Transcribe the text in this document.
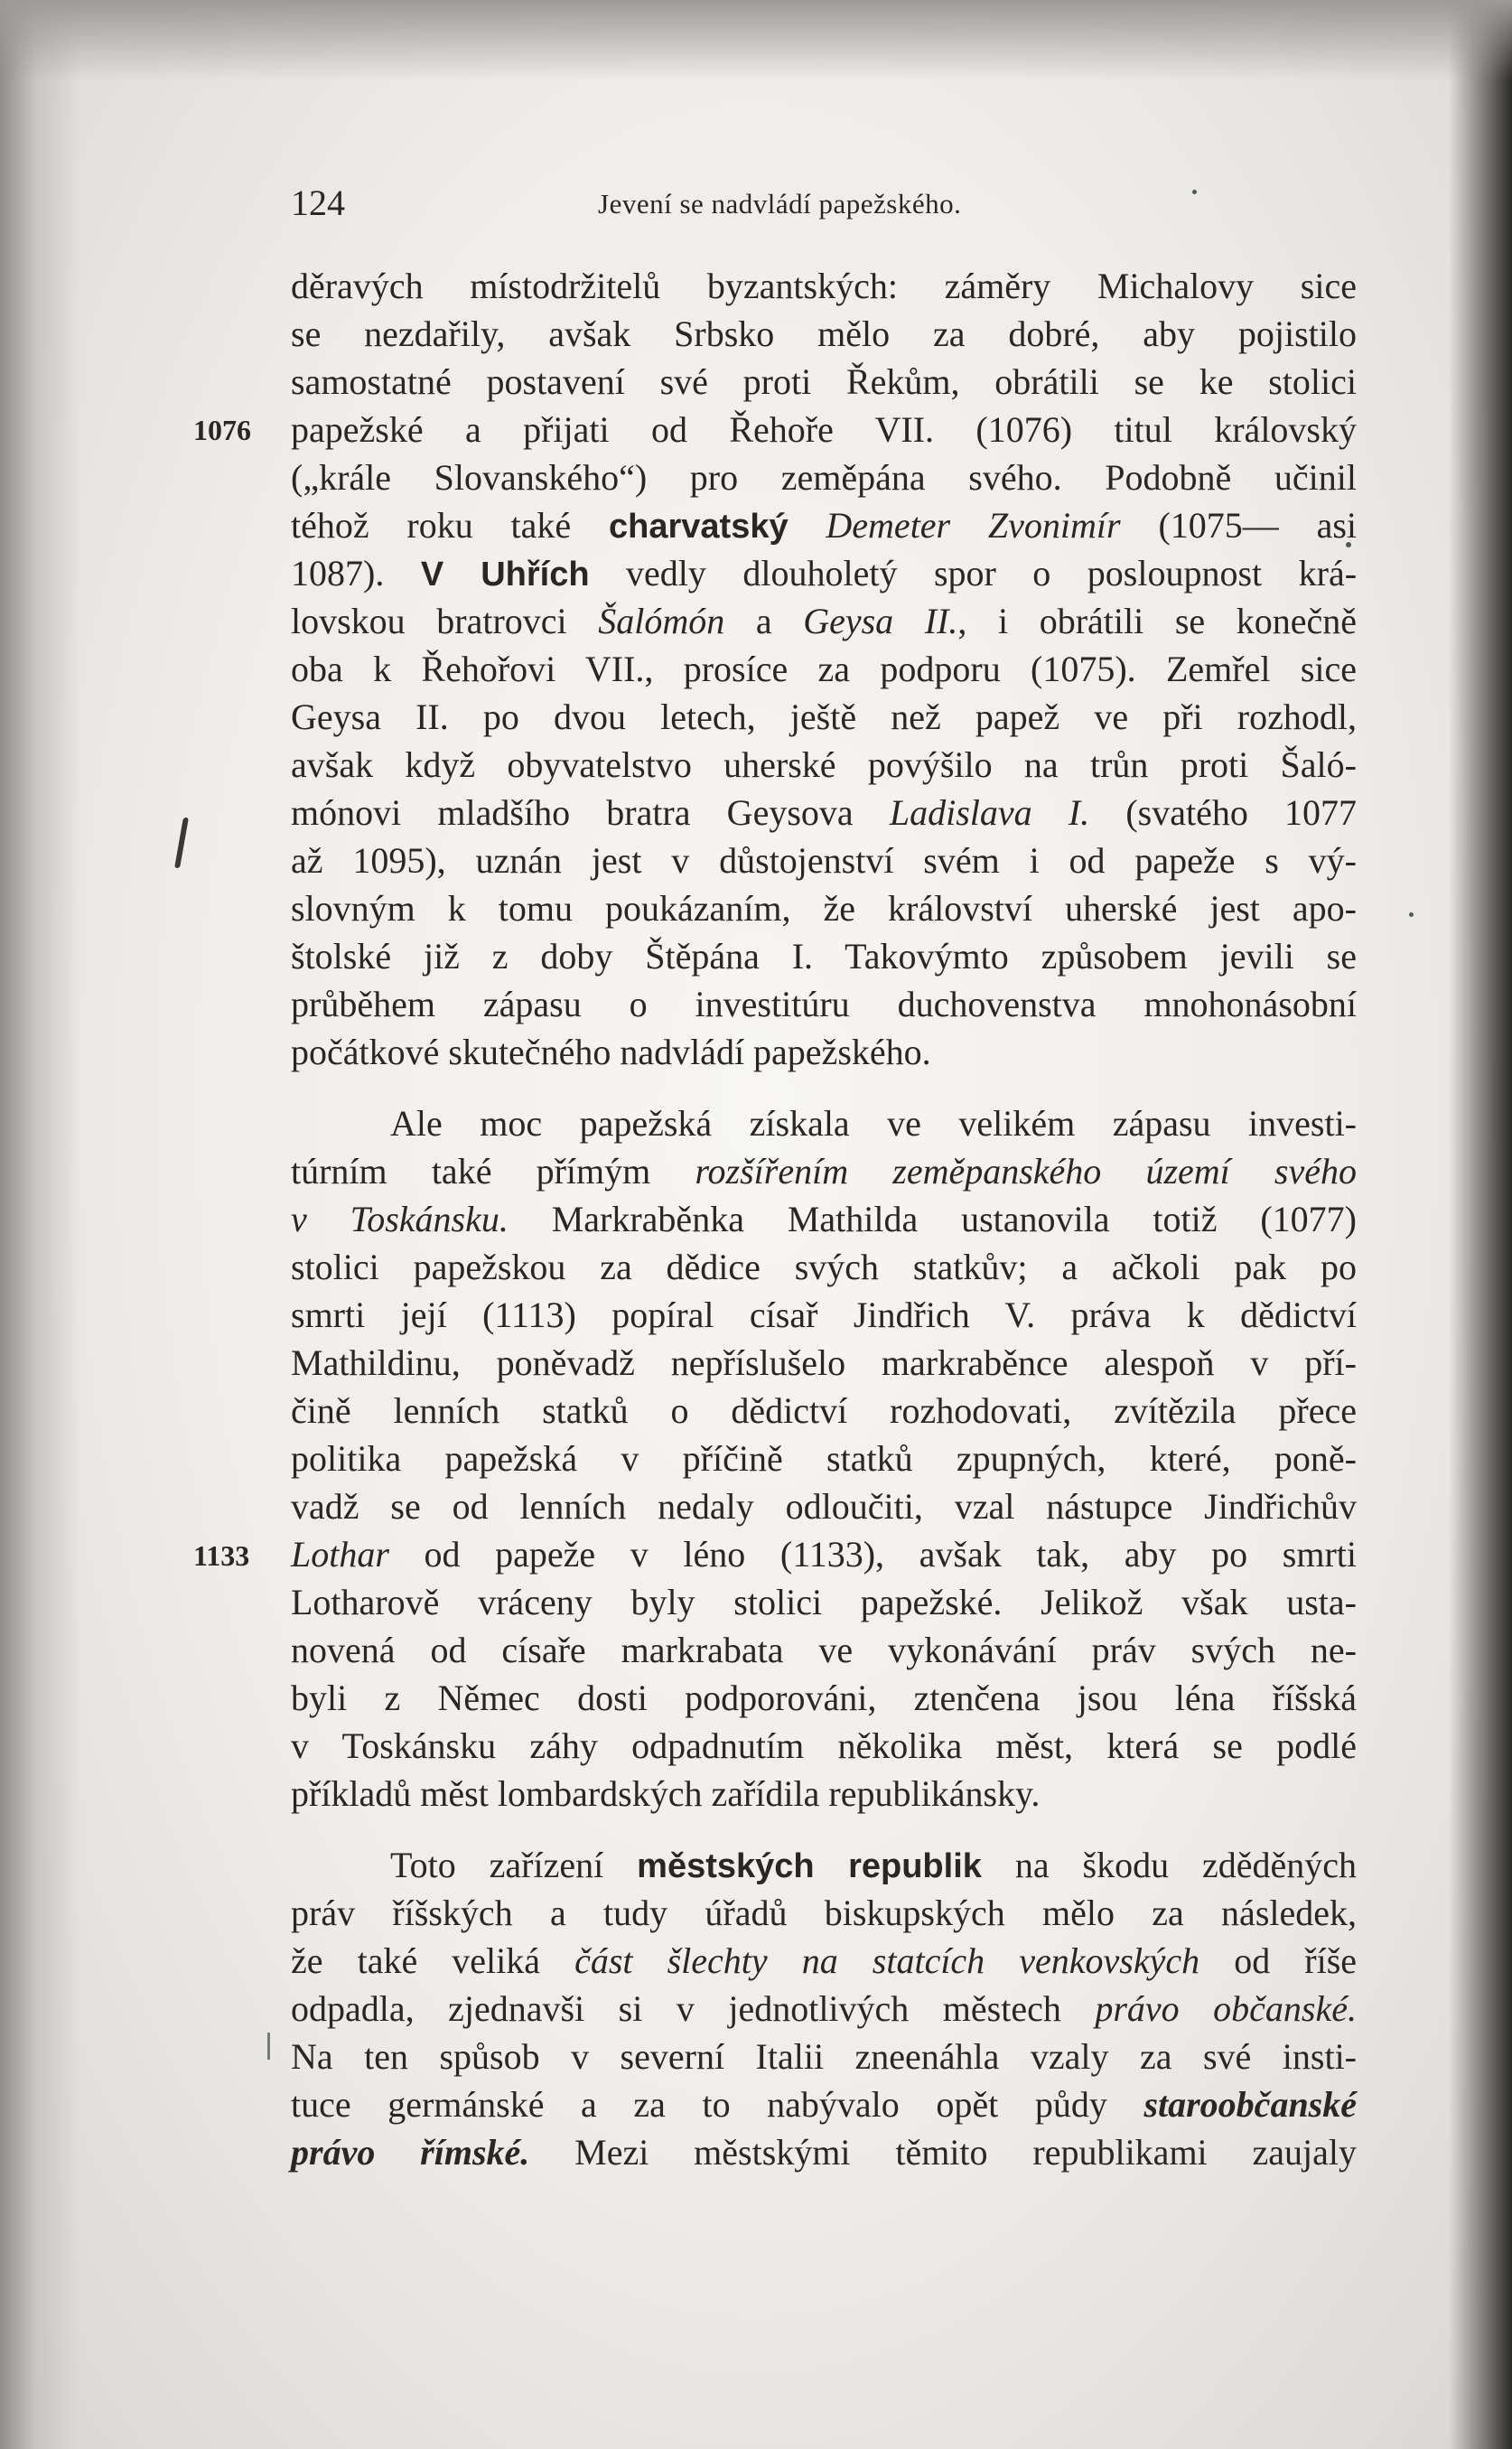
124	Jevení se nadvládí papežského.
1076
1133
děravých místodržitelů byzantských: záměry Michalovy sice
se nezdařily, avšak Srbsko mělo za dobré, aby pojistilo
samostatné postavení své proti Řekům, obrátili se ke stolici
papežské a přijati od Řehoře VII. (1076) titul královský
(„krále Slovanského“) pro zeměpána svého. Podobně učinil
téhož roku také charvatský Demeter Zvonimír (1075— asi
1087). V Uhřích vedly dlouholetý spor o posloupnost krá-
lovskou bratrovci Šalómón a Geysa II., i obrátili se konečně
oba k Řehořovi VII., prosíce za podporu (1075). Zemřel sice
Geysa II. po dvou letech, ještě než papež ve při rozhodl,
avšak když obyvatelstvo uherské povýšilo na trůn proti Šaló-
mónovi mladšího bratra Geysova Ladislava I. (svatého 1077
až 1095), uznán jest v důstojenství svém i od papeže s vý-
slovným k tomu poukázaním, že království uherské jest apo-
štolské již z doby Štěpána I. Takovýmto způsobem jevili se
průběhem zápasu o investitúru duchovenstva mnohonásobní
počátkové skutečného nadvládí papežského.
Ale moc papežská získala ve velikém zápasu investi-
túrním také přímým rozšířením zeměpanského území svého
v Toskánsku. Markraběnka Mathilda ustanovila totiž (1077)
stolici papežskou za dědice svých statkův; a ačkoli pak po
smrti její (1113) popíral císař Jindřich V. práva k dědictví
Mathildinu, poněvadž nepříslušelo markraběnce alespoň v pří-
čině lenních statků o dědictví rozhodovati, zvítězila přece
politika papežská v příčině statků zpupných, které, poně-
vadž se od lenních nedaly odloučiti, vzal nástupce Jindřichův
Lothar od papeže v léno (1133), avšak tak, aby po smrti
Lotharově vráceny byly stolici papežské. Jelikož však usta-
novená od císaře markrabata ve vykonávání práv svých ne-
byli z Němec dosti podporováni, ztenčena jsou léna říšská
v Toskánsku záhy odpadnutím několika měst, která se podlé
příkladů měst lombardských zařídila republikánsky.
Toto zařízení městských republik na škodu zděděných
práv říšských a tudy úřadů biskupských mělo za následek,
že také veliká část šlechty na statcích venkovských od říše
odpadla, zjednavši si v jednotlivých městech právo občanské.
Na ten spůsob v severní Italii zneenáhla vzaly za své insti-
tuce germánské a za to nabývalo opět půdy staroobčanské
právo římské. Mezi městskými těmito republikami zaujaly
